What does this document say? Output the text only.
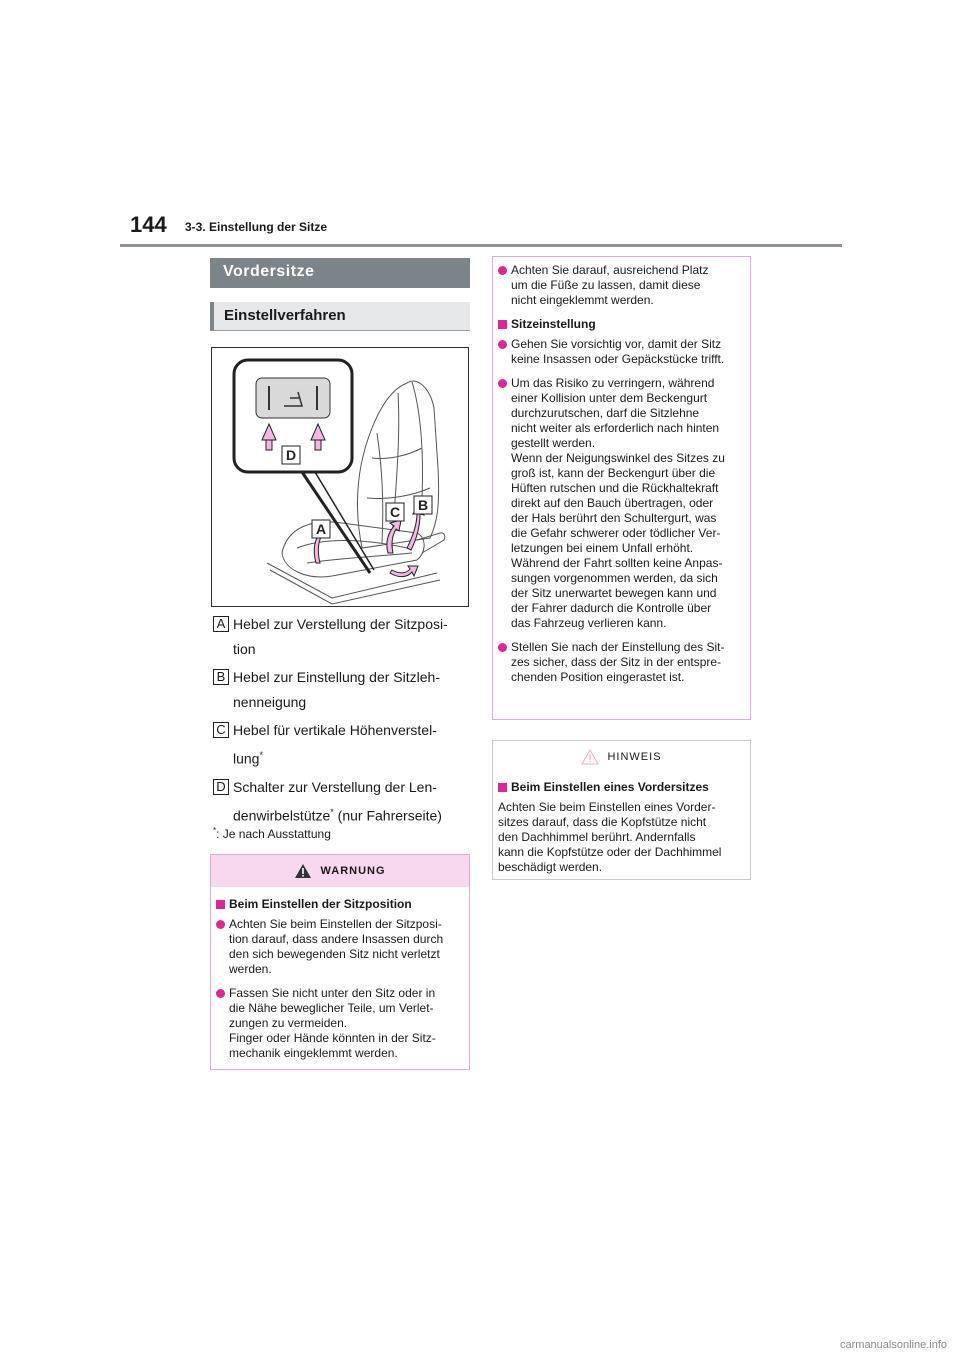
144 3-3. Einstellung der Sitze
Vordersitze
Einstellverfahren
D
A
C B
A Hebel zur Verstellung der Sitzposi-
tion
B Hebel zur Einstellung der Sitzleh-
nenneigung
C Hebel für vertikale Höhenverstel-
lung*
D Schalter zur Verstellung der Len-
denwirbelstütze* (nur Fahrerseite)
*: Je nach Ausstattung
WARNUNG
Beim Einstellen der Sitzposition
Achten Sie beim Einstellen der Sitzposi-
tion darauf, dass andere Insassen durch
den sich bewegenden Sitz nicht verletzt
werden.
Fassen Sie nicht unter den Sitz oder in
die Nähe beweglicher Teile, um Verlet-
zungen zu vermeiden.
Finger oder Hände könnten in der Sitz-
mechanik eingeklemmt werden.
Achten Sie darauf, ausreichend Platz
um die Füße zu lassen, damit diese
nicht eingeklemmt werden.
Sitzeinstellung
Gehen Sie vorsichtig vor, damit der Sitz
keine Insassen oder Gepäckstücke trifft.
Um das Risiko zu verringern, während
einer Kollision unter dem Beckengurt
durchzurutschen, darf die Sitzlehne
nicht weiter als erforderlich nach hinten
gestellt werden.
Wenn der Neigungswinkel des Sitzes zu
groß ist, kann der Beckengurt über die
Hüften rutschen und die Rückhaltekraft
direkt auf den Bauch übertragen, oder
der Hals berührt den Schultergurt, was
die Gefahr schwerer oder tödlicher Ver-
letzungen bei einem Unfall erhöht.
Während der Fahrt sollten keine Anpas-
sungen vorgenommen werden, da sich
der Sitz unerwartet bewegen kann und
der Fahrer dadurch die Kontrolle über
das Fahrzeug verlieren kann.
Stellen Sie nach der Einstellung des Sit-
zes sicher, dass der Sitz in der entspre-
chenden Position eingerastet ist.
HINWEIS
Beim Einstellen eines Vordersitzes
Achten Sie beim Einstellen eines Vorder-
sitzes darauf, dass die Kopfstütze nicht
den Dachhimmel berührt. Andernfalls
kann die Kopfstütze oder der Dachhimmel
beschädigt werden.
carmanualsonline.info
